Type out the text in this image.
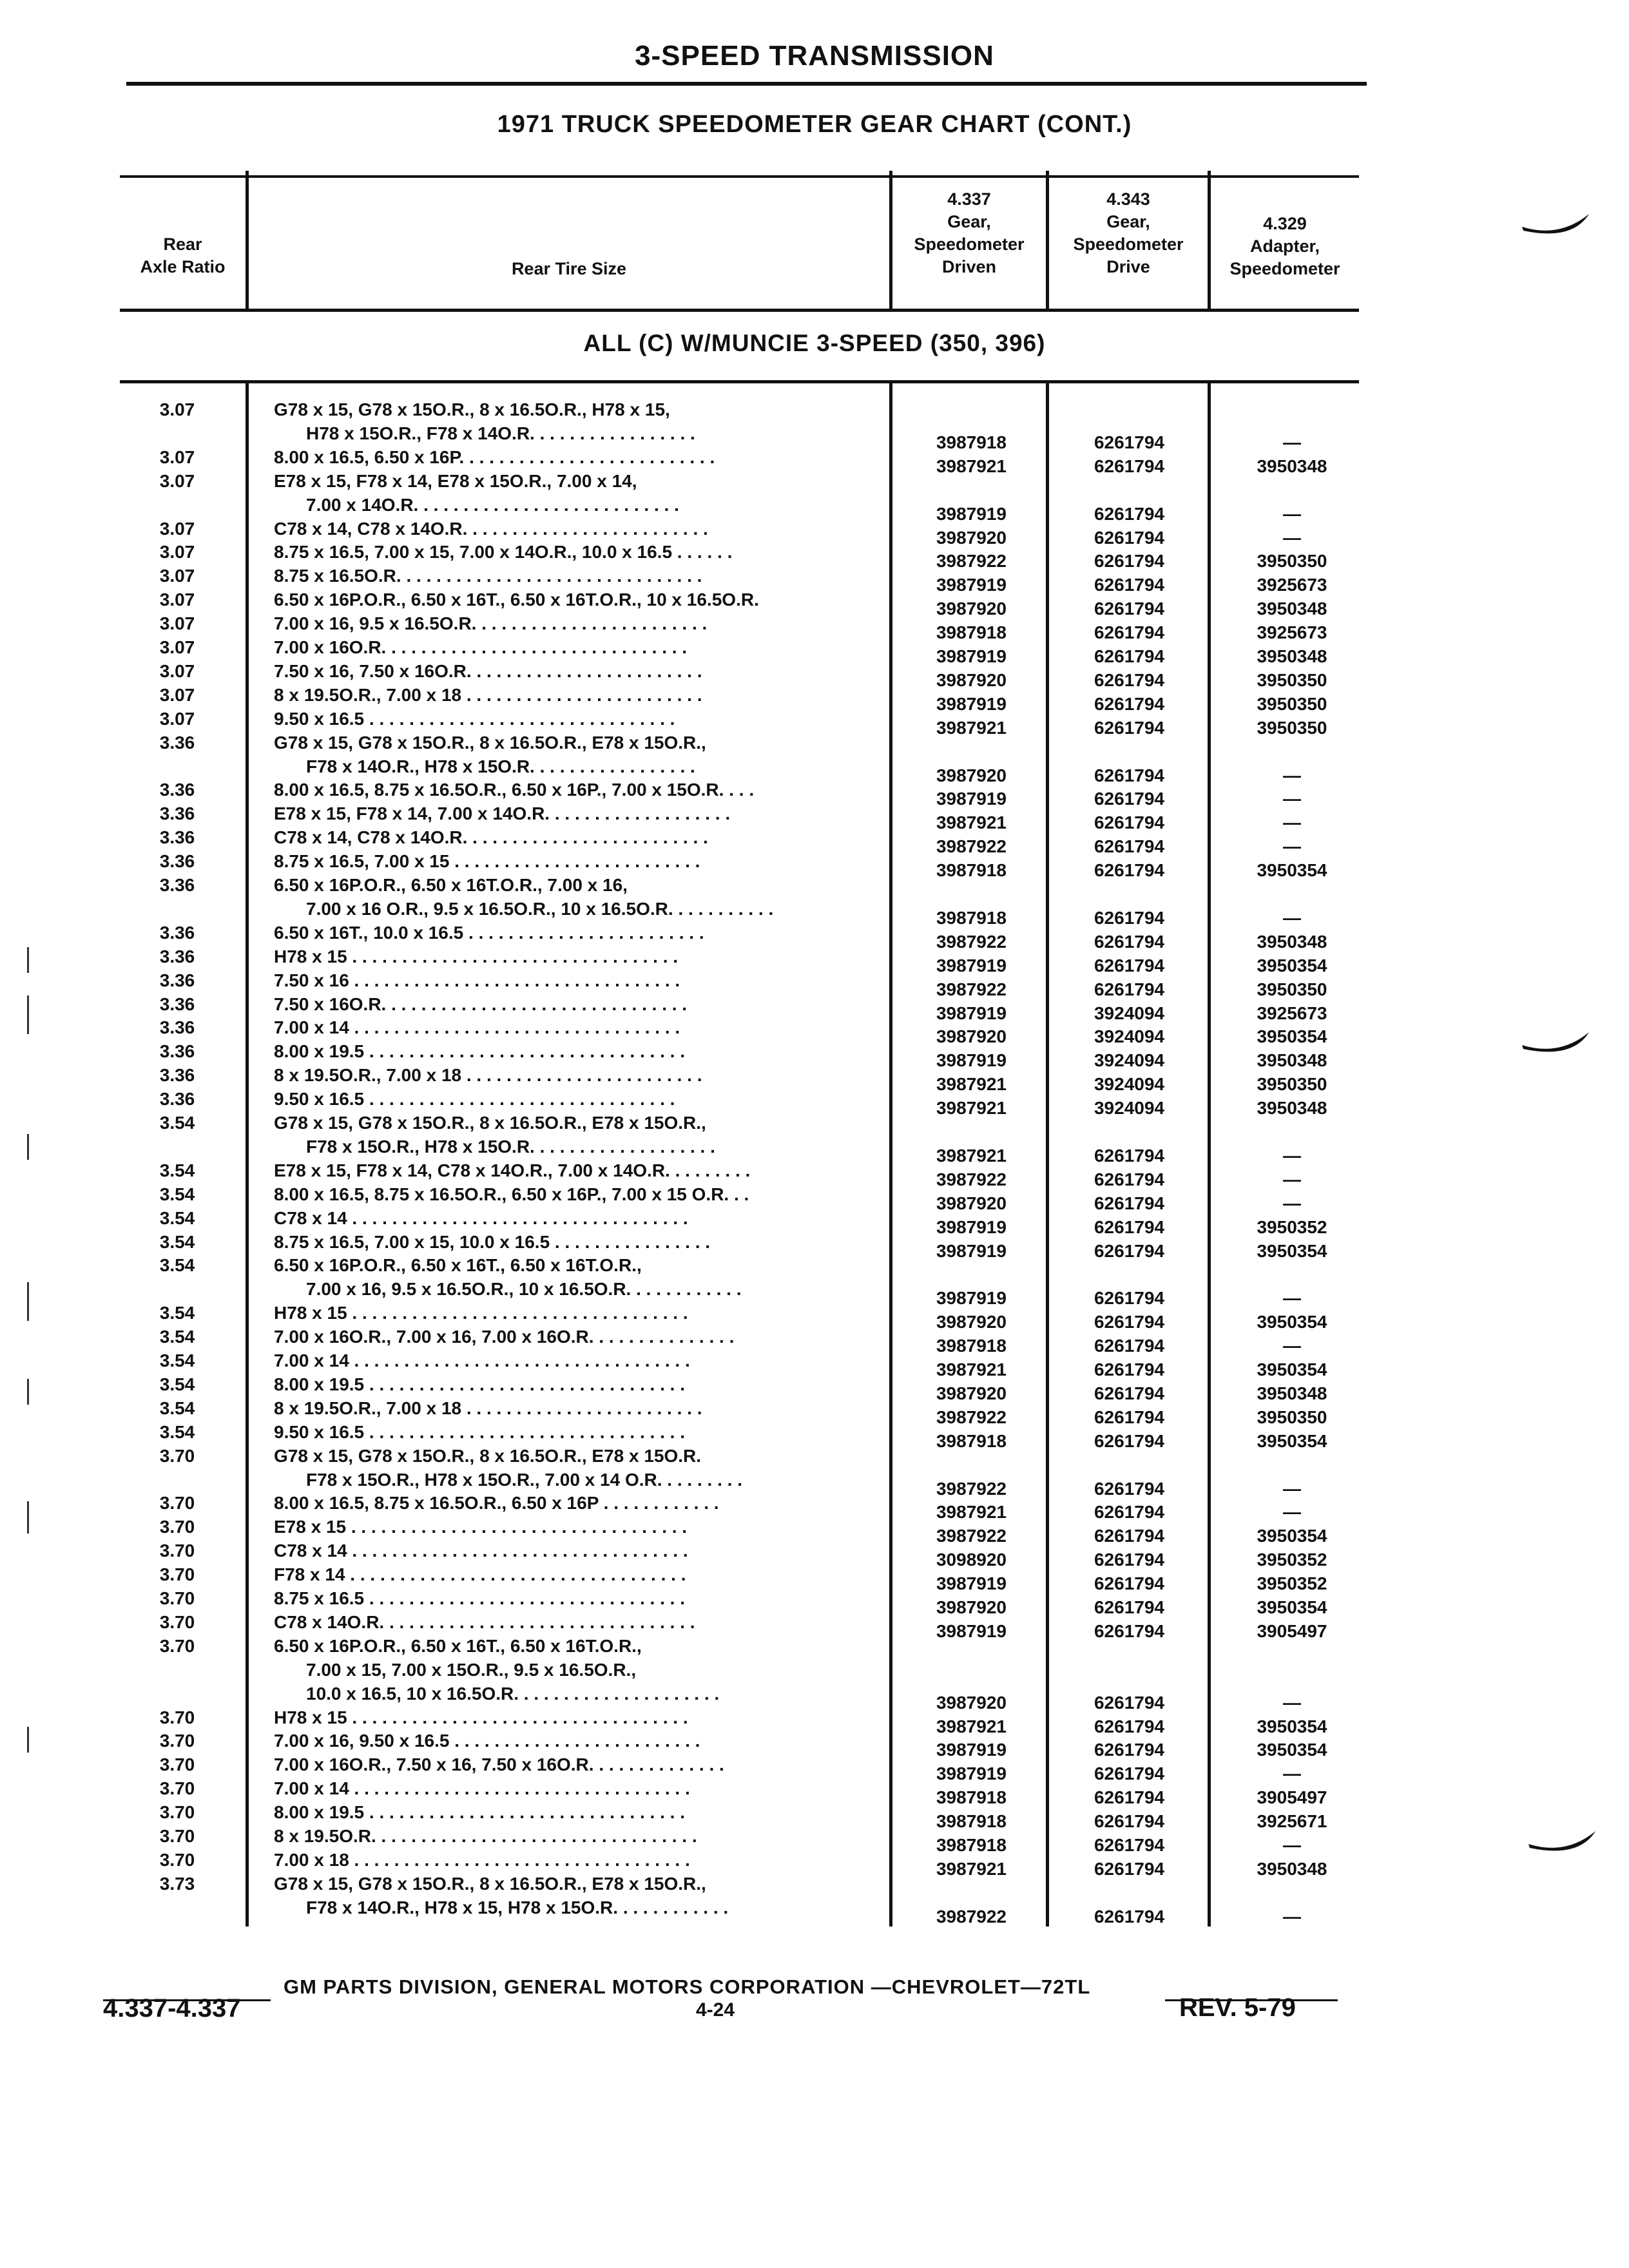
3-SPEED TRANSMISSION
1971 TRUCK SPEEDOMETER GEAR CHART (CONT.)
Rear
Axle Ratio	Rear Tire Size
4.337
Gear,
Speedometer
Driven
4.343
Gear,
Speedometer
Drive
4.329
Adapter,
Speedometer
ALL (C) W/MUNCIE 3-SPEED (350, 396)
3.07	G78 x 15, G78 x 15O.R., 8 x 16.5O.R., H78 x 15,
H78 x 15O.R., F78 x 14O.R. . . . . . . . . . . . . . . . .	3987918	6261794	—
3.07	8.00 x 16.5, 6.50 x 16P. . . . . . . . . . . . . . . . . . . . . . . . . .	3987921	6261794	3950348
3.07	E78 x 15, F78 x 14, E78 x 15O.R., 7.00 x 14,
7.00 x 14O.R. . . . . . . . . . . . . . . . . . . . . . . . . . .	3987919	6261794	—
3.07	C78 x 14, C78 x 14O.R. . . . . . . . . . . . . . . . . . . . . . . . .	3987920	6261794	—
3.07	8.75 x 16.5, 7.00 x 15, 7.00 x 14O.R., 10.0 x 16.5 . . . . . .	3987922	6261794	3950350
3.07	8.75 x 16.5O.R. . . . . . . . . . . . . . . . . . . . . . . . . . . . . . .	3987919	6261794	3925673
3.07	6.50 x 16P.O.R., 6.50 x 16T., 6.50 x 16T.O.R., 10 x 16.5O.R.	3987920	6261794	3950348
3.07	7.00 x 16, 9.5 x 16.5O.R. . . . . . . . . . . . . . . . . . . . . . . .	3987918	6261794	3925673
3.07	7.00 x 16O.R. . . . . . . . . . . . . . . . . . . . . . . . . . . . . . .	3987919	6261794	3950348
3.07	7.50 x 16, 7.50 x 16O.R. . . . . . . . . . . . . . . . . . . . . . . .	3987920	6261794	3950350
3.07	8 x 19.5O.R., 7.00 x 18 . . . . . . . . . . . . . . . . . . . . . . . .	3987919	6261794	3950350
3.07	9.50 x 16.5 . . . . . . . . . . . . . . . . . . . . . . . . . . . . . . .	3987921	6261794	3950350
3.36	G78 x 15, G78 x 15O.R., 8 x 16.5O.R., E78 x 15O.R.,
F78 x 14O.R., H78 x 15O.R. . . . . . . . . . . . . . . . .	3987920	6261794	—
3.36	8.00 x 16.5, 8.75 x 16.5O.R., 6.50 x 16P., 7.00 x 15O.R. . . .	3987919	6261794	—
3.36	E78 x 15, F78 x 14, 7.00 x 14O.R. . . . . . . . . . . . . . . . . . .	3987921	6261794	—
3.36	C78 x 14, C78 x 14O.R. . . . . . . . . . . . . . . . . . . . . . . . .	3987922	6261794	—
3.36	8.75 x 16.5, 7.00 x 15 . . . . . . . . . . . . . . . . . . . . . . . . .	3987918	6261794	3950354
3.36	6.50 x 16P.O.R., 6.50 x 16T.O.R., 7.00 x 16,
7.00 x 16 O.R., 9.5 x 16.5O.R., 10 x 16.5O.R. . . . . . . . . . .	3987918	6261794	—
3.36	6.50 x 16T., 10.0 x 16.5 . . . . . . . . . . . . . . . . . . . . . . . .	3987922	6261794	3950348
3.36	H78 x 15 . . . . . . . . . . . . . . . . . . . . . . . . . . . . . . . . .	3987919	6261794	3950354
3.36	7.50 x 16 . . . . . . . . . . . . . . . . . . . . . . . . . . . . . . . . .	3987922	6261794	3950350
3.36	7.50 x 16O.R. . . . . . . . . . . . . . . . . . . . . . . . . . . . . . .	3987919	3924094	3925673
3.36	7.00 x 14 . . . . . . . . . . . . . . . . . . . . . . . . . . . . . . . . .	3987920	3924094	3950354
3.36	8.00 x 19.5 . . . . . . . . . . . . . . . . . . . . . . . . . . . . . . . .	3987919	3924094	3950348
3.36	8 x 19.5O.R., 7.00 x 18 . . . . . . . . . . . . . . . . . . . . . . . .	3987921	3924094	3950350
3.36	9.50 x 16.5 . . . . . . . . . . . . . . . . . . . . . . . . . . . . . . .	3987921	3924094	3950348
3.54	G78 x 15, G78 x 15O.R., 8 x 16.5O.R., E78 x 15O.R.,
F78 x 15O.R., H78 x 15O.R. . . . . . . . . . . . . . . . . . .	3987921	6261794	—
3.54	E78 x 15, F78 x 14, C78 x 14O.R., 7.00 x 14O.R. . . . . . . . .	3987922	6261794	—
3.54	8.00 x 16.5, 8.75 x 16.5O.R., 6.50 x 16P., 7.00 x 15 O.R. . .	3987920	6261794	—
3.54	C78 x 14 . . . . . . . . . . . . . . . . . . . . . . . . . . . . . . . . . .	3987919	6261794	3950352
3.54	8.75 x 16.5, 7.00 x 15, 10.0 x 16.5 . . . . . . . . . . . . . . . .	3987919	6261794	3950354
3.54	6.50 x 16P.O.R., 6.50 x 16T., 6.50 x 16T.O.R.,
7.00 x 16, 9.5 x 16.5O.R., 10 x 16.5O.R. . . . . . . . . . . .	3987919	6261794	—
3.54	H78 x 15 . . . . . . . . . . . . . . . . . . . . . . . . . . . . . . . . . .	3987920	6261794	3950354
3.54	7.00 x 16O.R., 7.00 x 16, 7.00 x 16O.R. . . . . . . . . . . . . . .	3987918	6261794	—
3.54	7.00 x 14 . . . . . . . . . . . . . . . . . . . . . . . . . . . . . . . . . .	3987921	6261794	3950354
3.54	8.00 x 19.5 . . . . . . . . . . . . . . . . . . . . . . . . . . . . . . . .	3987920	6261794	3950348
3.54	8 x 19.5O.R., 7.00 x 18 . . . . . . . . . . . . . . . . . . . . . . . .	3987922	6261794	3950350
3.54	9.50 x 16.5 . . . . . . . . . . . . . . . . . . . . . . . . . . . . . . . .	3987918	6261794	3950354
3.70	G78 x 15, G78 x 15O.R., 8 x 16.5O.R., E78 x 15O.R.
F78 x 15O.R., H78 x 15O.R., 7.00 x 14 O.R. . . . . . . . .	3987922	6261794	—
3.70	8.00 x 16.5, 8.75 x 16.5O.R., 6.50 x 16P . . . . . . . . . . . .	3987921	6261794	—
3.70	E78 x 15 . . . . . . . . . . . . . . . . . . . . . . . . . . . . . . . . . .	3987922	6261794	3950354
3.70	C78 x 14 . . . . . . . . . . . . . . . . . . . . . . . . . . . . . . . . . .	3098920	6261794	3950352
3.70	F78 x 14 . . . . . . . . . . . . . . . . . . . . . . . . . . . . . . . . . .	3987919	6261794	3950352
3.70	8.75 x 16.5 . . . . . . . . . . . . . . . . . . . . . . . . . . . . . . . .	3987920	6261794	3950354
3.70	C78 x 14O.R. . . . . . . . . . . . . . . . . . . . . . . . . . . . . . . .	3987919	6261794	3905497
3.70	6.50 x 16P.O.R., 6.50 x 16T., 6.50 x 16T.O.R.,
7.00 x 15, 7.00 x 15O.R., 9.5 x 16.5O.R.,
10.0 x 16.5, 10 x 16.5O.R. . . . . . . . . . . . . . . . . . . . .	3987920	6261794	—
3.70	H78 x 15 . . . . . . . . . . . . . . . . . . . . . . . . . . . . . . . . . .	3987921	6261794	3950354
3.70	7.00 x 16, 9.50 x 16.5 . . . . . . . . . . . . . . . . . . . . . . . . .	3987919	6261794	3950354
3.70	7.00 x 16O.R., 7.50 x 16, 7.50 x 16O.R. . . . . . . . . . . . . .	3987919	6261794	—
3.70	7.00 x 14 . . . . . . . . . . . . . . . . . . . . . . . . . . . . . . . . . .	3987918	6261794	3905497
3.70	8.00 x 19.5 . . . . . . . . . . . . . . . . . . . . . . . . . . . . . . . .	3987918	6261794	3925671
3.70	8 x 19.5O.R. . . . . . . . . . . . . . . . . . . . . . . . . . . . . . . . .	3987918	6261794	—
3.70	7.00 x 18 . . . . . . . . . . . . . . . . . . . . . . . . . . . . . . . . . .	3987921	6261794	3950348
3.73	G78 x 15, G78 x 15O.R., 8 x 16.5O.R., E78 x 15O.R.,
F78 x 14O.R., H78 x 15, H78 x 15O.R. . . . . . . . . . . .	3987922	6261794	—
GM PARTS DIVISION, GENERAL MOTORS CORPORATION —CHEVROLET—72TL
4.337-4.337	4-24	REV. 5-79
